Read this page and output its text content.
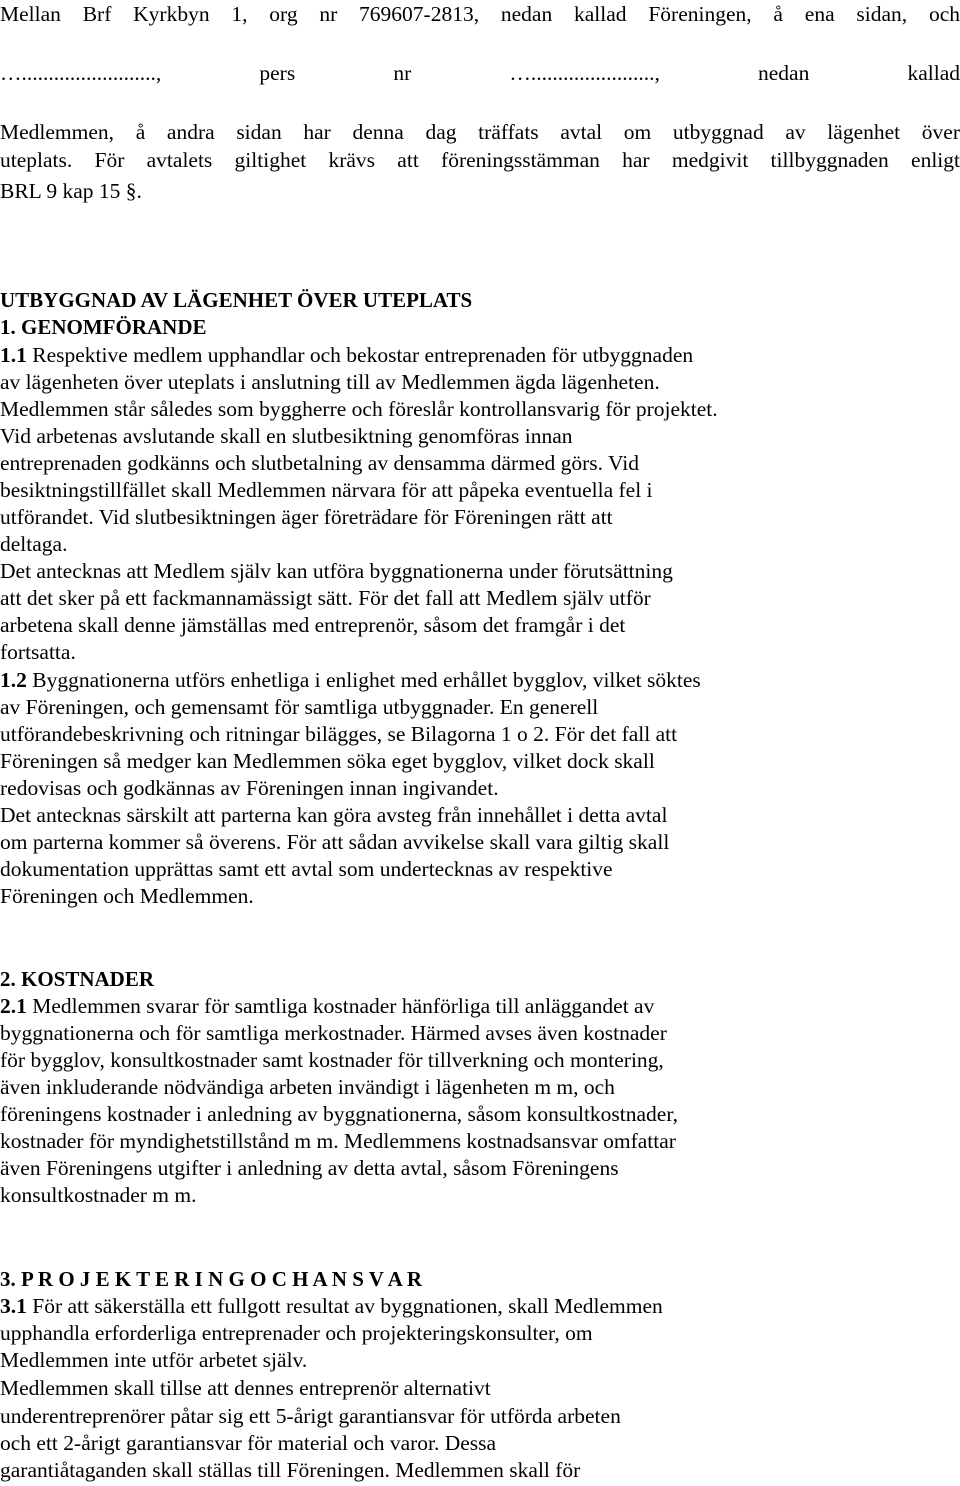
Mellan Brf Kyrkbyn 1, org nr 769607-2813, nedan kallad Föreningen, å ena sidan, och

…........................., pers nr …......................., nedan kallad

Medlemmen, å andra sidan har denna dag träffats avtal om utbyggnad av lägenhet över

uteplats. För avtalets giltighet krävs att föreningsstämman har medgivit tillbyggnaden enligt

BRL 9 kap 15 §.

UTBYGGNAD AV LÄGENHET ÖVER UTEPLATS

1. GENOMFÖRANDE

1.1 Respektive medlem upphandlar och bekostar entreprenaden för utbyggnaden

av lägenheten över uteplats i anslutning till av Medlemmen ägda lägenheten.

Medlemmen står således som byggherre och föreslår kontrollansvarig för projektet.

Vid arbetenas avslutande skall en slutbesiktning genomföras innan

entreprenaden godkänns och slutbetalning av densamma därmed görs. Vid

besiktningstillfället skall Medlemmen närvara för att påpeka eventuella fel i

utförandet. Vid slutbesiktningen äger företrädare för Föreningen rätt att

deltaga.

Det antecknas att Medlem själv kan utföra byggnationerna under förutsättning

att det sker på ett fackmannamässigt sätt. För det fall att Medlem själv utför

arbetena skall denne jämställas med entreprenör, såsom det framgår i det

fortsatta.

1.2 Byggnationerna utförs enhetliga i enlighet med erhållet bygglov, vilket söktes

av Föreningen, och gemensamt för samtliga utbyggnader. En generell

utförandebeskrivning och ritningar bilägges, se Bilagorna 1 o 2. För det fall att

Föreningen så medger kan Medlemmen söka eget bygglov, vilket dock skall

redovisas och godkännas av Föreningen innan ingivandet.

Det antecknas särskilt att parterna kan göra avsteg från innehållet i detta avtal

om parterna kommer så överens. För att sådan avvikelse skall vara giltig skall

dokumentation upprättas samt ett avtal som undertecknas av respektive

Föreningen och Medlemmen.

2. KOSTNADER

2.1 Medlemmen svarar för samtliga kostnader hänförliga till anläggandet av

byggnationerna och för samtliga merkostnader. Härmed avses även kostnader

för bygglov, konsultkostnader samt kostnader för tillverkning och montering,

även inkluderande nödvändiga arbeten invändigt i lägenheten m m, och

föreningens kostnader i anledning av byggnationerna, såsom konsultkostnader,

kostnader för myndighetstillstånd m m. Medlemmens kostnadsansvar omfattar

även Föreningens utgifter i anledning av detta avtal, såsom Föreningens

konsultkostnader m m.

3. P R O J E K T E R I N G O C H A N S V A R

3.1 För att säkerställa ett fullgott resultat av byggnationen, skall Medlemmen

upphandla erforderliga entreprenader och projekteringskonsulter, om

Medlemmen inte utför arbetet själv.

Medlemmen skall tillse att dennes entreprenör alternativt

underentreprenörer påtar sig ett 5-årigt garantiansvar för utförda arbeten

och ett 2-årigt garantiansvar för material och varor. Dessa

garantiåtaganden skall ställas till Föreningen. Medlemmen skall för
